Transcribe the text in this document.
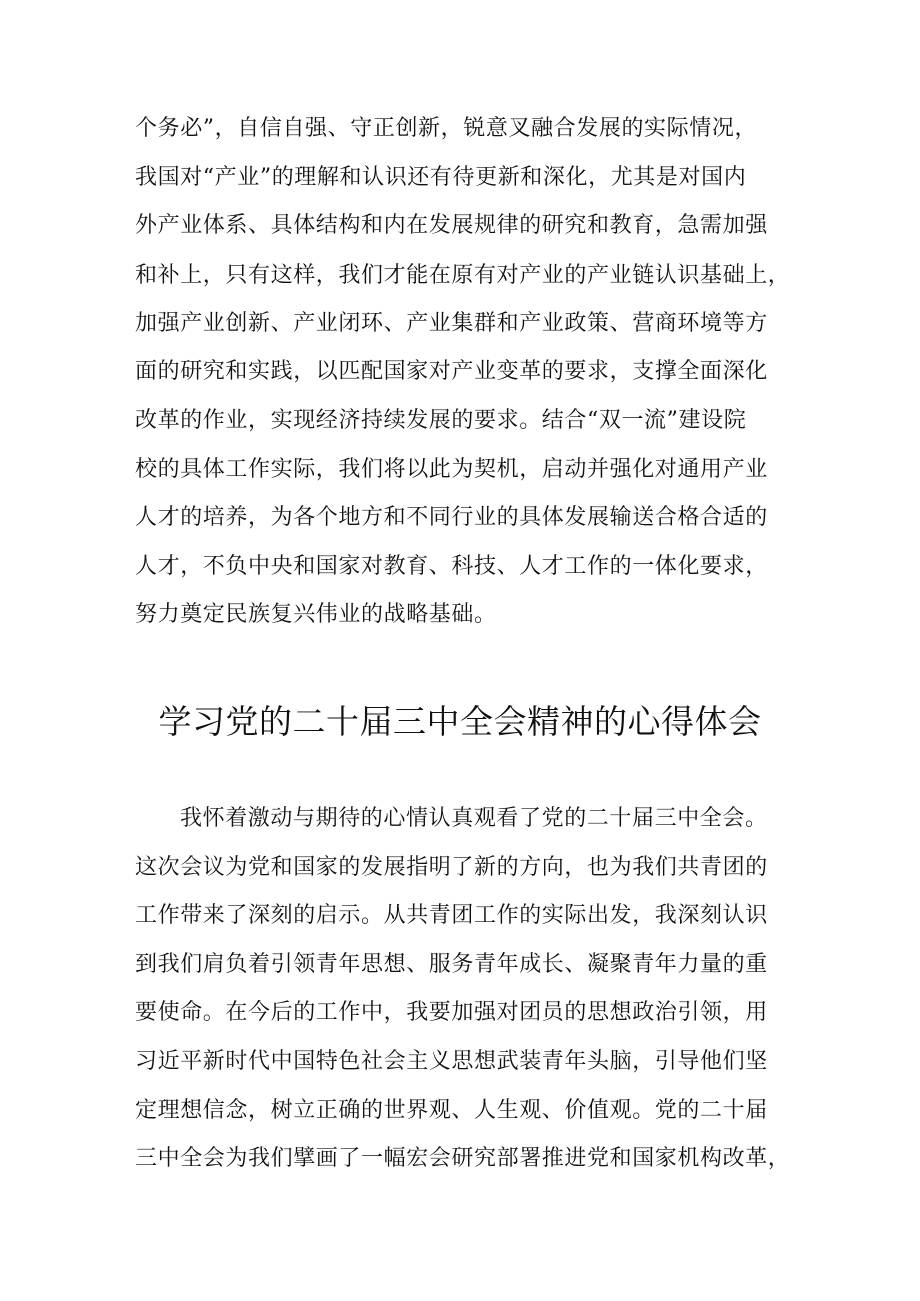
个务必”，自信自强、守正创新，锐意叉融合发展的实际情况，
我国对“产业”的理解和认识还有待更新和深化，尤其是对国内
外产业体系、具体结构和内在发展规律的研究和教育，急需加强
和补上，只有这样，我们才能在原有对产业的产业链认识基础上，
加强产业创新、产业闭环、产业集群和产业政策、营商环境等方
面的研究和实践，以匹配国家对产业变革的要求，支撑全面深化
改革的作业，实现经济持续发展的要求。结合“双一流”建设院
校的具体工作实际，我们将以此为契机，启动并强化对通用产业
人才的培养，为各个地方和不同行业的具体发展输送合格合适的
人才，不负中央和国家对教育、科技、人才工作的一体化要求，
努力奠定民族复兴伟业的战略基础。
学习党的二十届三中全会精神的心得体会
我怀着激动与期待的心情认真观看了党的二十届三中全会。
这次会议为党和国家的发展指明了新的方向，也为我们共青团的
工作带来了深刻的启示。从共青团工作的实际出发，我深刻认识
到我们肩负着引领青年思想、服务青年成长、凝聚青年力量的重
要使命。在今后的工作中，我要加强对团员的思想政治引领，用
习近平新时代中国特色社会主义思想武装青年头脑，引导他们坚
定理想信念，树立正确的世界观、人生观、价值观。党的二十届
三中全会为我们擘画了一幅宏会研究部署推进党和国家机构改革，
